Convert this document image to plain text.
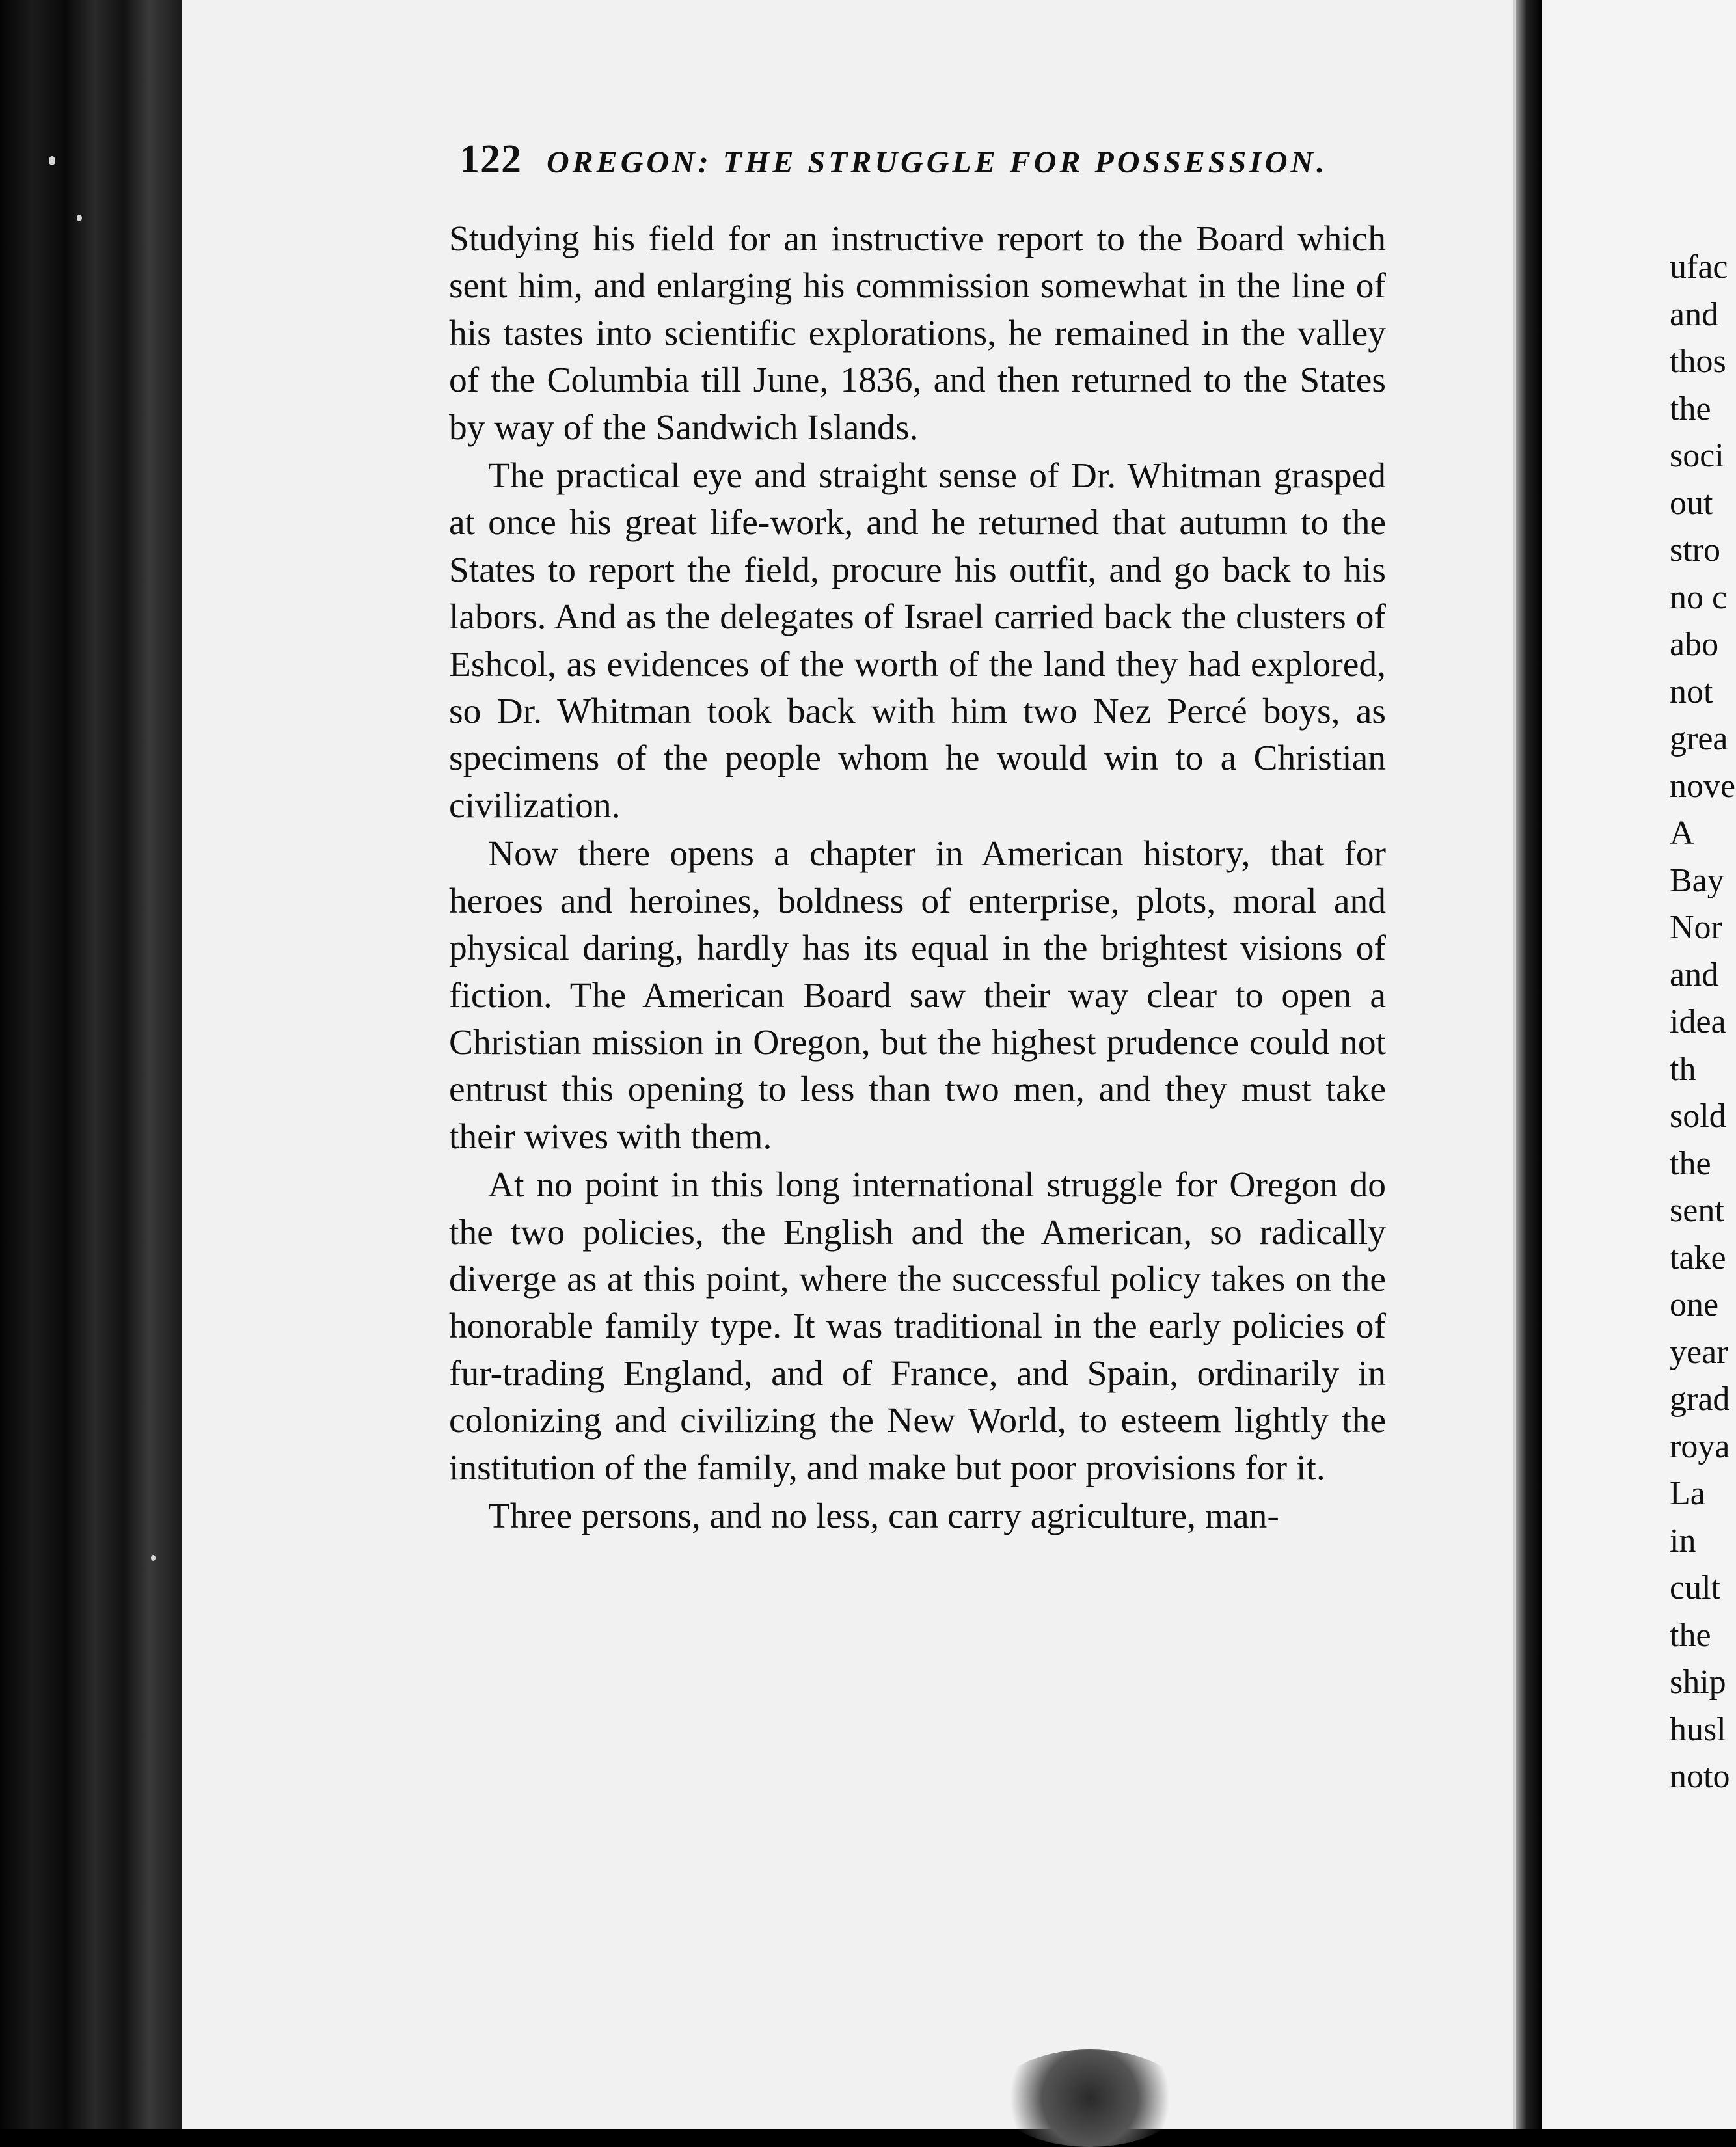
122 OREGON: THE STRUGGLE FOR POSSESSION.

Studying his field for an instructive report to the Board which sent him, and enlarging his commission somewhat in the line of his tastes into scientific explorations, he remained in the valley of the Columbia till June, 1836, and then returned to the States by way of the Sandwich Islands.

The practical eye and straight sense of Dr. Whitman grasped at once his great life-work, and he returned that autumn to the States to report the field, procure his outfit, and go back to his labors. And as the delegates of Israel carried back the clusters of Eshcol, as evidences of the worth of the land they had explored, so Dr. Whitman took back with him two Nez Percé boys, as specimens of the people whom he would win to a Christian civilization.

Now there opens a chapter in American history, that for heroes and heroines, boldness of enterprise, plots, moral and physical daring, hardly has its equal in the brightest visions of fiction. The American Board saw their way clear to open a Christian mission in Oregon, but the highest prudence could not entrust this opening to less than two men, and they must take their wives with them.

At no point in this long international struggle for Oregon do the two policies, the English and the American, so radically diverge as at this point, where the successful policy takes on the honorable family type. It was traditional in the early policies of fur-trading England, and of France, and Spain, ordinarily in colonizing and civilizing the New World, to esteem lightly the institution of the family, and make but poor provisions for it.

Three persons, and no less, can carry agriculture, man-

ufac
and
thos
the
soci
out
stro
no c
abo
not
grea
nove
A
Bay
Nor
and
idea
th
sold
the
sent
take
one
year
grad
roya
La
in
cult
the
ship
husl
noto
